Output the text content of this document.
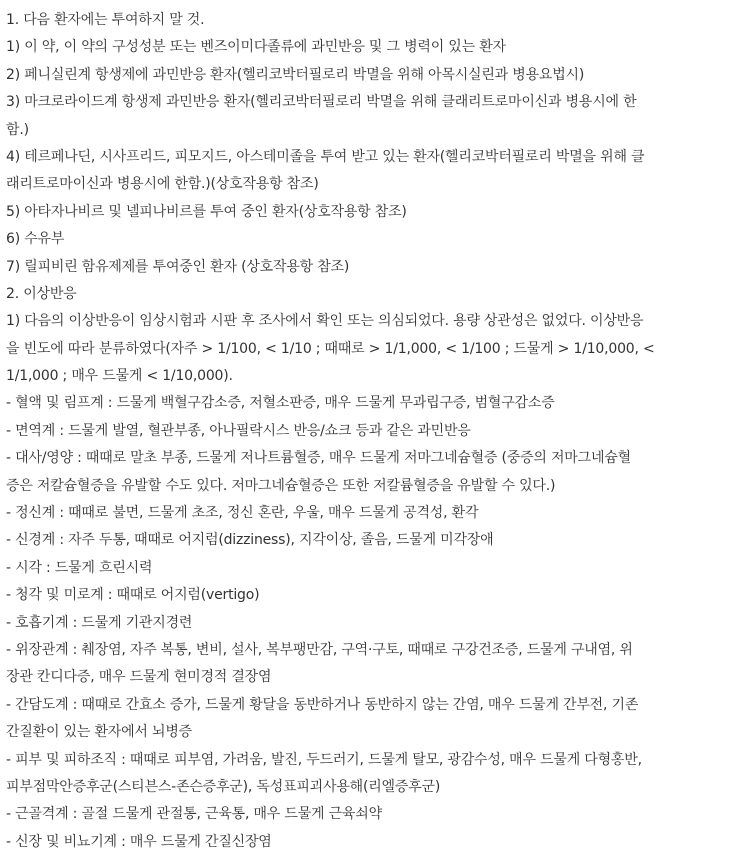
1. 다음 환자에는 투여하지 말 것.
1) 이 약, 이 약의 구성성분 또는 벤즈이미다졸류에 과민반응 및 그 병력이 있는 환자
2) 페니실린계 항생제에 과민반응 환자(헬리코박터필로리 박멸을 위해 아목시실린과 병용요법시)
3) 마크로라이드계 항생제 과민반응 환자(헬리코박터필로리 박멸을 위해 클래리트로마이신과 병용시에 한
함.)
4) 테르페나딘, 시사프리드, 피모지드, 아스테미졸을 투여 받고 있는 환자(헬리코박터필로리 박멸을 위해 클
래리트로마이신과 병용시에 한함.)(상호작용항 참조)
5) 아타자나비르 및 넬피나비르를 투여 중인 환자(상호작용항 참조)
6) 수유부
7) 릴피비린 함유제제를 투여중인 환자 (상호작용항 참조)
2. 이상반응
1) 다음의 이상반응이 임상시험과 시판 후 조사에서 확인 또는 의심되었다. 용량 상관성은 없었다. 이상반응
을 빈도에 따라 분류하였다(자주 > 1/100, < 1/10 ; 때때로 > 1/1,000, < 1/100 ; 드물게 > 1/10,000, <
1/1,000 ; 매우 드물게 < 1/10,000).
- 혈액 및 림프계 : 드물게 백혈구감소증, 저혈소판증, 매우 드물게 무과립구증, 범혈구감소증
- 면역계 : 드물게 발열, 혈관부종, 아나필락시스 반응/쇼크 등과 같은 과민반응
- 대사/영양 : 때때로 말초 부종, 드물게 저나트륨혈증, 매우 드물게 저마그네슘혈증 (중증의 저마그네슘혈
증은 저칼슘혈증을 유발할 수도 있다. 저마그네슘혈증은 또한 저칼륨혈증을 유발할 수 있다.)
- 정신계 : 때때로 불면, 드물게 초조, 정신 혼란, 우울, 매우 드물게 공격성, 환각
- 신경계 : 자주 두통, 때때로 어지럼(dizziness), 지각이상, 졸음, 드물게 미각장애
- 시각 : 드물게 흐린시력
- 청각 및 미로계 : 때때로 어지럼(vertigo)
- 호흡기계 : 드물게 기관지경련
- 위장관계 : 췌장염, 자주 복통, 변비, 설사, 복부팽만감, 구역·구토, 때때로 구강건조증, 드물게 구내염, 위
장관 칸디다증, 매우 드물게 현미경적 결장염
- 간담도계 : 때때로 간효소 증가, 드물게 황달을 동반하거나 동반하지 않는 간염, 매우 드물게 간부전, 기존
간질환이 있는 환자에서 뇌병증
- 피부 및 피하조직 : 때때로 피부염, 가려움, 발진, 두드러기, 드물게 탈모, 광감수성, 매우 드물게 다형홍반,
피부점막안증후군(스티븐스-존슨증후군), 독성표피괴사용해(리엘증후군)
- 근골격계 : 골절 드물게 관절통, 근육통, 매우 드물게 근육쇠약
- 신장 및 비뇨기계 : 매우 드물게 간질신장염
